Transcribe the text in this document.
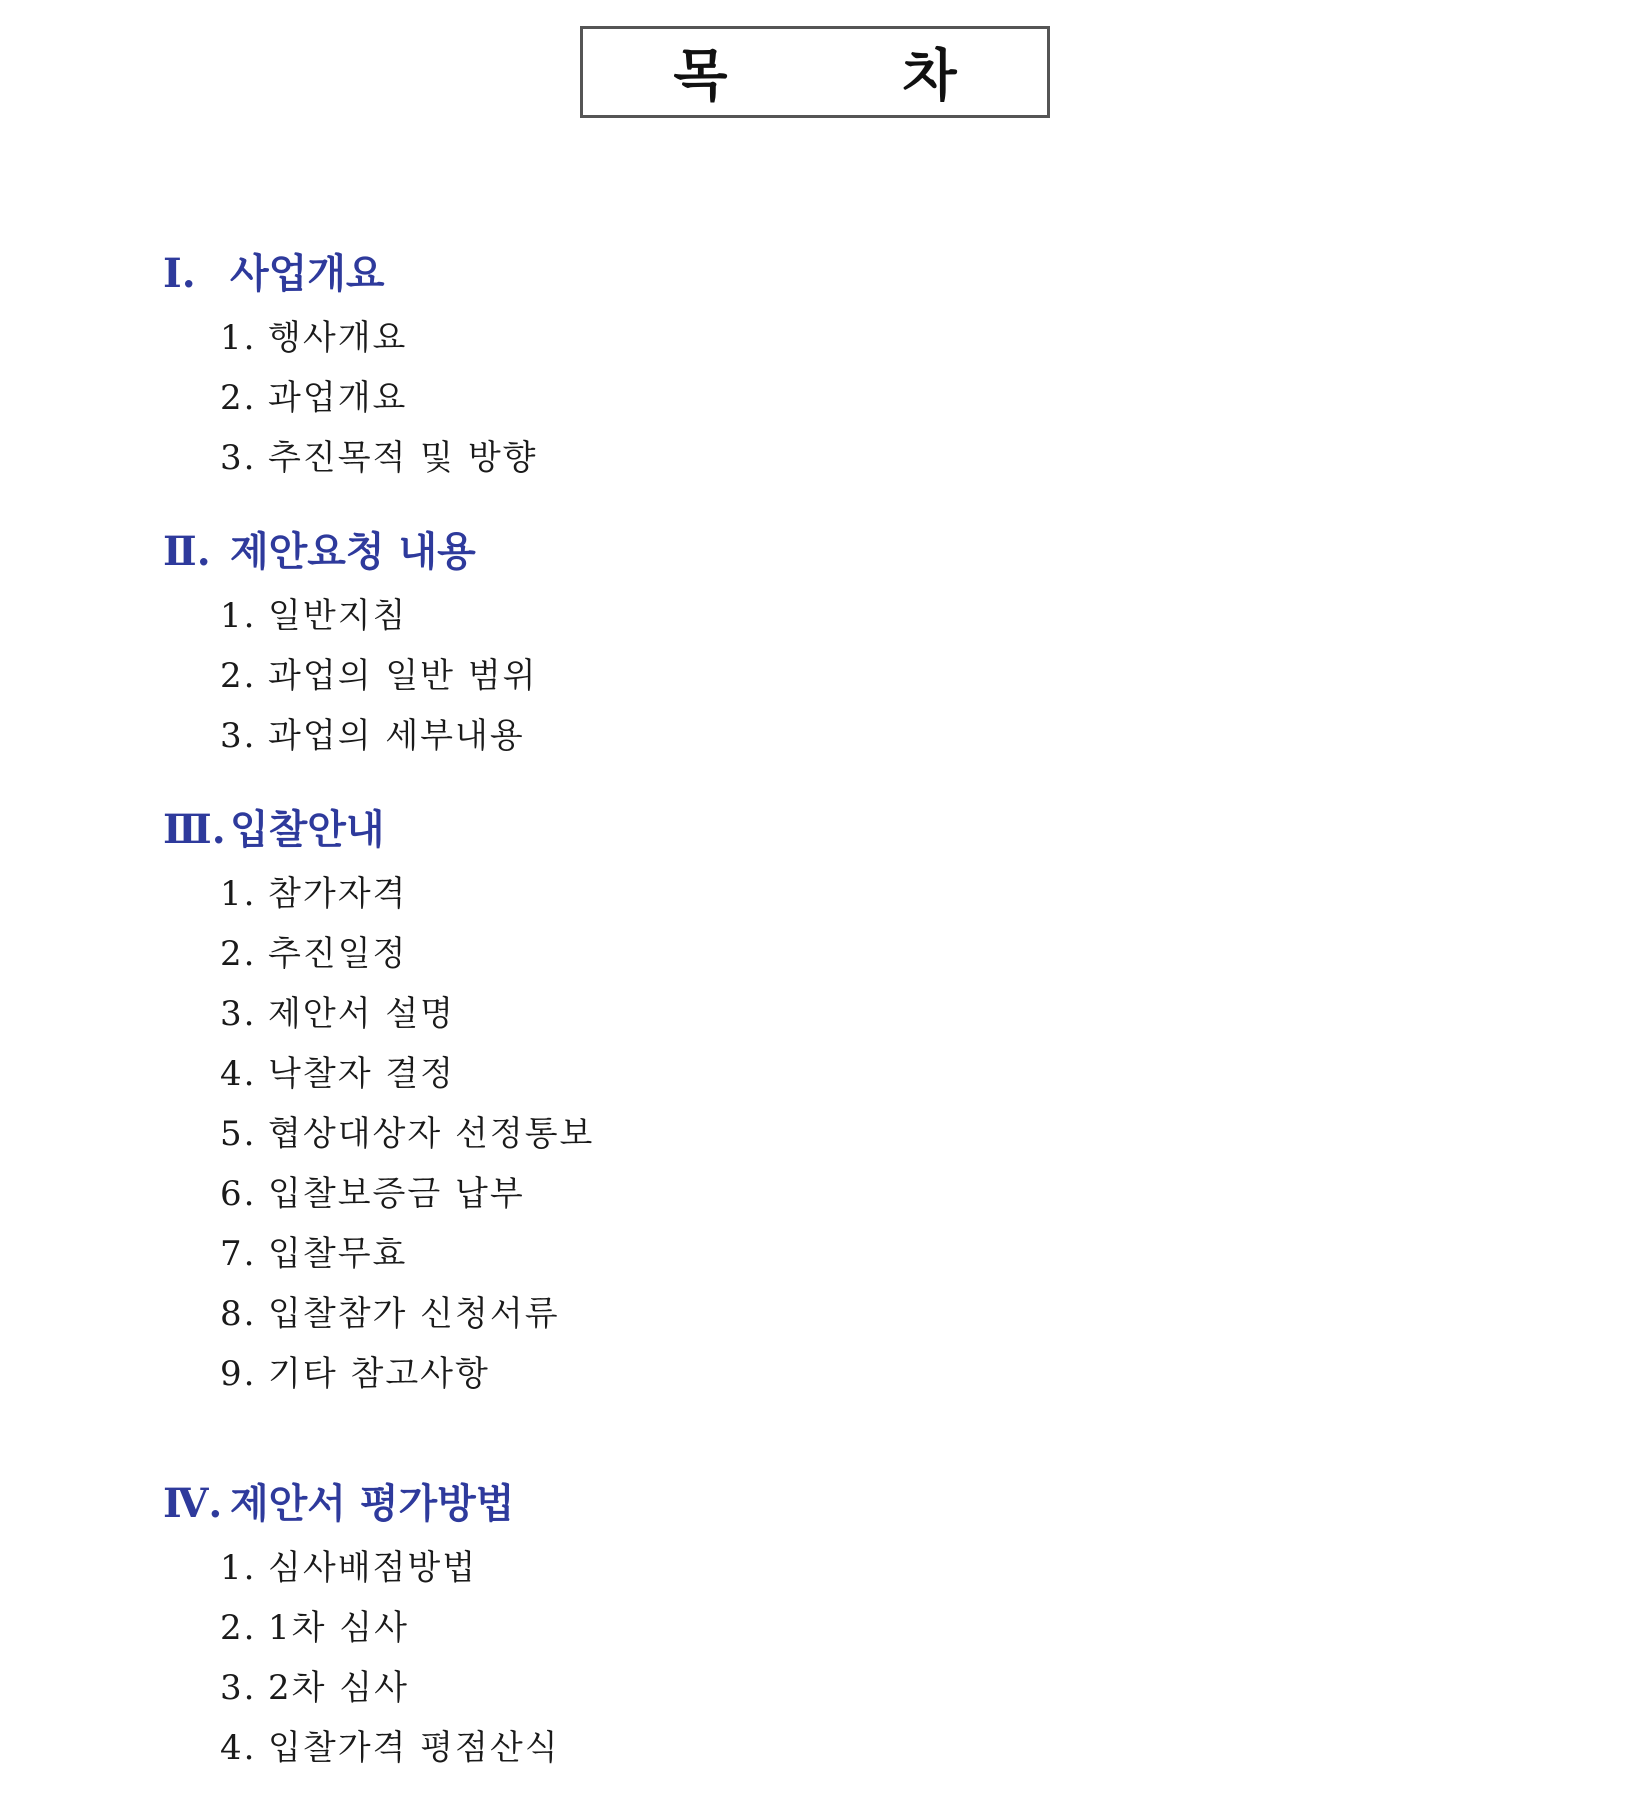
목	차
Ⅰ. 사업개요
1. 행사개요
2. 과업개요
3. 추진목적 및 방향
Ⅱ. 제안요청 내용
1. 일반지침
2. 과업의 일반 범위
3. 과업의 세부내용
Ⅲ. 입찰안내
1. 참가자격
2. 추진일정
3. 제안서 설명
4. 낙찰자 결정
5. 협상대상자 선정통보
6. 입찰보증금 납부
7. 입찰무효
8. 입찰참가 신청서류
9. 기타 참고사항
Ⅳ. 제안서 평가방법
1. 심사배점방법
2. 1차 심사
3. 2차 심사
4. 입찰가격 평점산식
